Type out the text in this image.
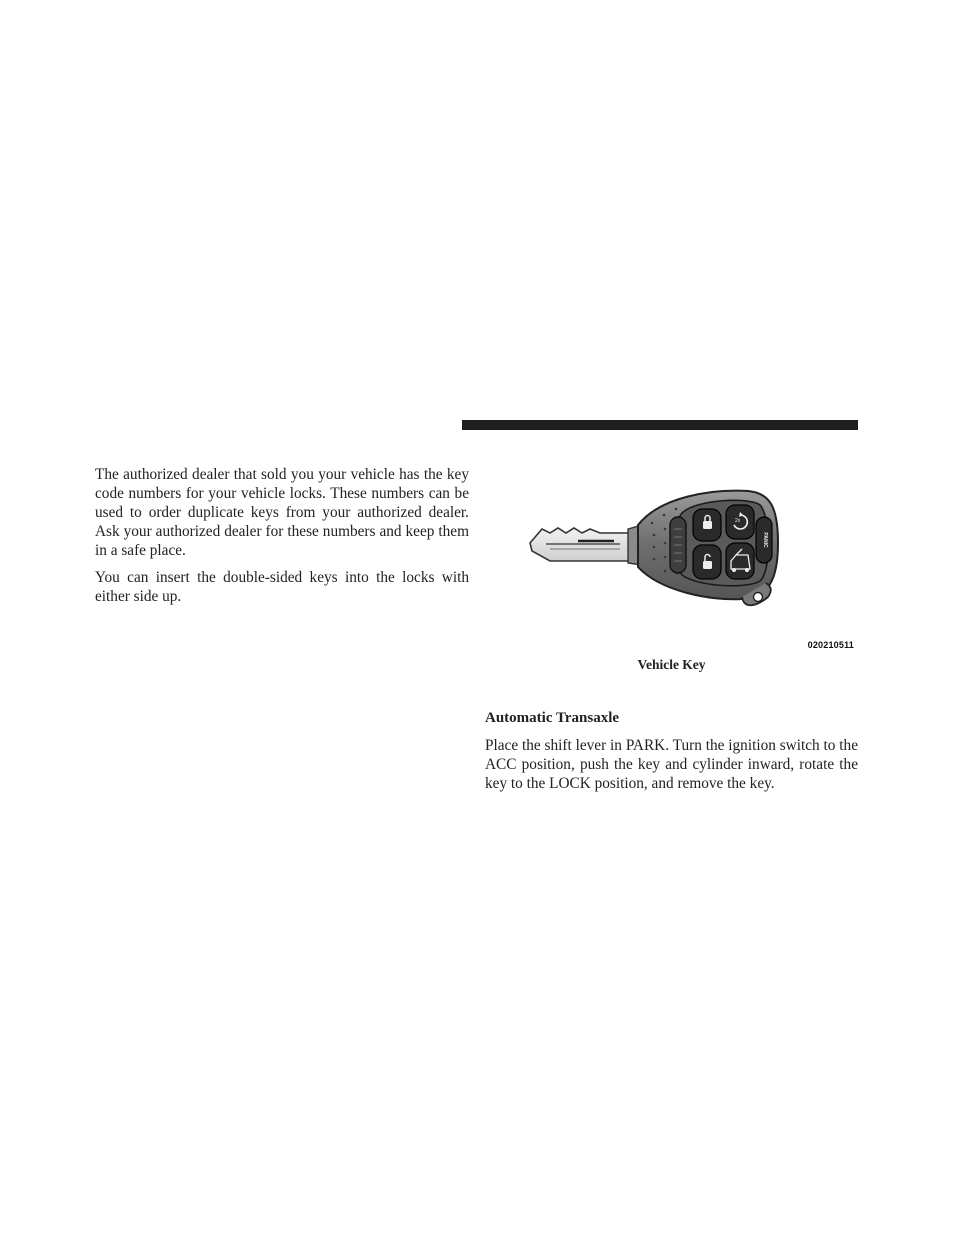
The authorized dealer that sold you your vehicle has the key code numbers for your vehicle locks. These numbers can be used to order duplicate keys from your authorized dealer. Ask your authorized dealer for these numbers and keep them in a safe place.

You can insert the double-sided keys into the locks with either side up.

2x
PANIC
020210511
Vehicle Key
Automatic Transaxle

Place the shift lever in PARK. Turn the ignition switch to the ACC position, push the key and cylinder inward, rotate the key to the LOCK position, and remove the key.
